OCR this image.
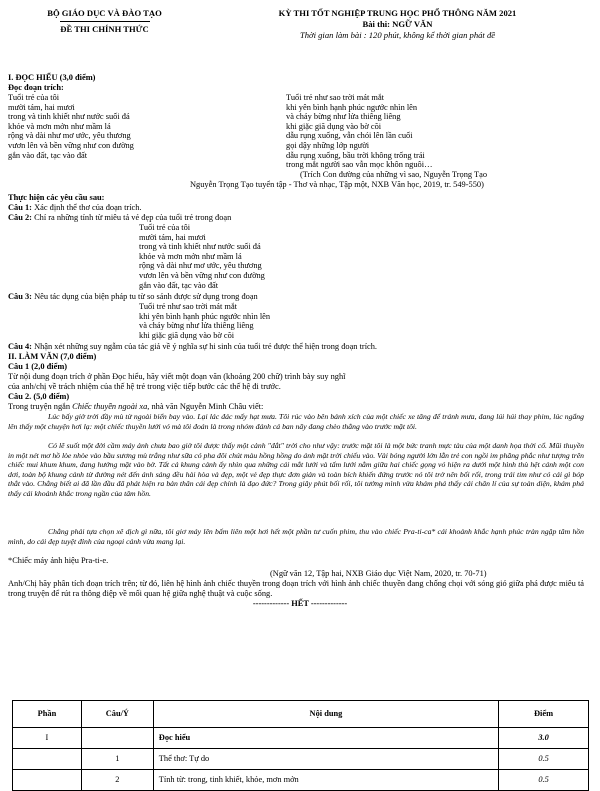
BỘ GIÁO DỤC VÀ ĐÀO TẠO
ĐỀ THI CHÍNH THỨC
KỲ THI TỐT NGHIỆP TRUNG HỌC PHỔ THÔNG NĂM 2021
Bài thi: NGỮ VĂN
Thời gian làm bài : 120 phút, không kể thời gian phát đề
I. ĐỌC HIỂU (3,0 điểm)
Đọc đoạn trích:
Tuổi trẻ của tôi
mười tám, hai mươi
trong và tinh khiết như nước suối đá
khỏe và mơn mởn như mầm lá
rộng và dài như mơ ước, yêu thương
vươn lên và bền vững như con đường
gắn vào đất, tạc vào đất
Tuổi trẻ như sao trời mát mắt
khi yên bình hạnh phúc ngước nhìn lên
và cháy bừng như lửa thiêng liêng
khi giặc giã dụng vào bờ cõi
dẫu rụng xuống, vẫn chói lên lần cuối
gọi dậy những lớp người
dẫu rụng xuống, bầu trời không trống trải
trong mắt người sao vẫn mọc khôn nguôi…
(Trích Con đường của những vì sao, Nguyễn Trọng Tạo
Nguyễn Trọng Tạo tuyển tập - Thơ và nhạc, Tập một, NXB Văn học, 2019, tr. 549-550)
Thực hiện các yêu cầu sau:
Câu 1: Xác định thể thơ của đoạn trích.
Câu 2: Chỉ ra những tính từ miêu tả vẻ đẹp của tuổi trẻ trong đoạn
Tuổi trẻ của tôi
mười tám, hai mươi
trong và tinh khiết như nước suối đá
khỏe và mơn mởn như mầm lá
rộng và dài như mơ ước, yêu thương
vươn lên và bền vững như con đường
gắn vào đất, tạc vào đất
Câu 3: Nêu tác dụng của biện pháp tu từ so sánh được sử dụng trong đoạn
Tuổi trẻ như sao trời mát mắt
khi yên bình hạnh phúc ngước nhìn lên
và cháy bừng như lửa thiêng liêng
khi giặc giã dụng vào bờ cõi
Câu 4: Nhận xét những suy ngẫm của tác giả về ý nghĩa sự hi sinh của tuổi trẻ được thể hiện trong đoạn trích.
II. LÀM VĂN (7,0 điểm)
Câu 1 (2,0 điểm)
Từ nội dung đoạn trích ở phần Đọc hiểu, hãy viết một đoạn văn (khoảng 200 chữ) trình bày suy nghĩ
của anh/chị về trách nhiệm của thế hệ trẻ trong việc tiếp bước các thế hệ đi trước.
Câu 2. (5,0 điểm)
Trong truyện ngắn Chiếc thuyền ngoài xa, nhà văn Nguyễn Minh Châu viết:
Lúc bấy giờ trời đầy mù từ ngoài biển bay vào. Lại lác đác mấy hạt mưa. Tôi rúc vào bên bánh xích của một chiếc xe tăng để tránh mưa, đang lúi húi thay phim, lúc ngẩng lên thấy một chuyện hơi lạ: một chiếc thuyền lưới vó mà tôi đoán là trong nhóm đánh cá ban nãy đang chèo thẳng vào trước mặt tôi.
Có lẽ suốt một đời cầm máy ảnh chưa bao giờ tôi được thấy một cảnh "đắt" trời cho như vậy: trước mặt tôi là một bức tranh mực tàu của một danh họa thời cổ. Mũi thuyền in một nét mơ hồ lòe nhòe vào bầu sương mù trắng như sữa có pha đôi chút màu hồng hồng do ánh mặt trời chiếu vào. Vài bóng người lớn lẫn trẻ con ngồi im phăng phắc như tượng trên chiếc mui khum khum, đang hướng mặt vào bờ. Tất cả khung cảnh ấy nhìn qua những cái mắt lưới và tấm lưới nằm giữa hai chiếc gọng vó hiện ra dưới một hình thù hệt cánh một con dơi, toàn bộ khung cảnh từ đường nét đến ánh sáng đều hài hòa và đẹp, một vẻ đẹp thực đơn giản và toàn bích khiến đứng trước nó tôi trở nên bối rối, trong trái tim như có cái gì bóp thắt vào. Chẳng biết ai đã lần đầu đã phát hiện ra bản thân cái đẹp chính là đạo đức? Trong giây phút bối rối, tôi tưởng mình vừa khám phá thấy cái chân lí của sự toàn diện, khám phá thấy cái khoảnh khắc trong ngần của tâm hồn.
Chẳng phải tựa chọn xê dịch gì nữa, tôi giơ máy lên bấm liên một hơi hết một phần tư cuốn phim, thu vào chiếc Pra-ti-ca* cái khoảnh khắc hạnh phúc tràn ngập tâm hồn mình, do cái đẹp tuyệt đỉnh của ngoại cảnh vừa mang lại.
*Chiếc máy ảnh hiệu Pra-ti-e.
(Ngữ văn 12, Tập hai, NXB Giáo dục Việt Nam, 2020, tr. 70-71)
Anh/Chị hãy phân tích đoạn trích trên; từ đó, liên hệ hình ảnh chiếc thuyền trong đoạn trích với hình ảnh chiếc thuyền đang chống chọi với sóng gió giữa phá được miêu tả trong truyện để rút ra thông điệp về mối quan hệ giữa nghệ thuật và cuộc sống.
------------- HẾT -------------
Phần	Câu/Ý	Nội dung	Điểm
I		Đọc hiểu	3.0
	1	Thể thơ: Tự do	0.5
	2	Tính từ: trong, tinh khiết, khỏe, mơn mởn	0.5
